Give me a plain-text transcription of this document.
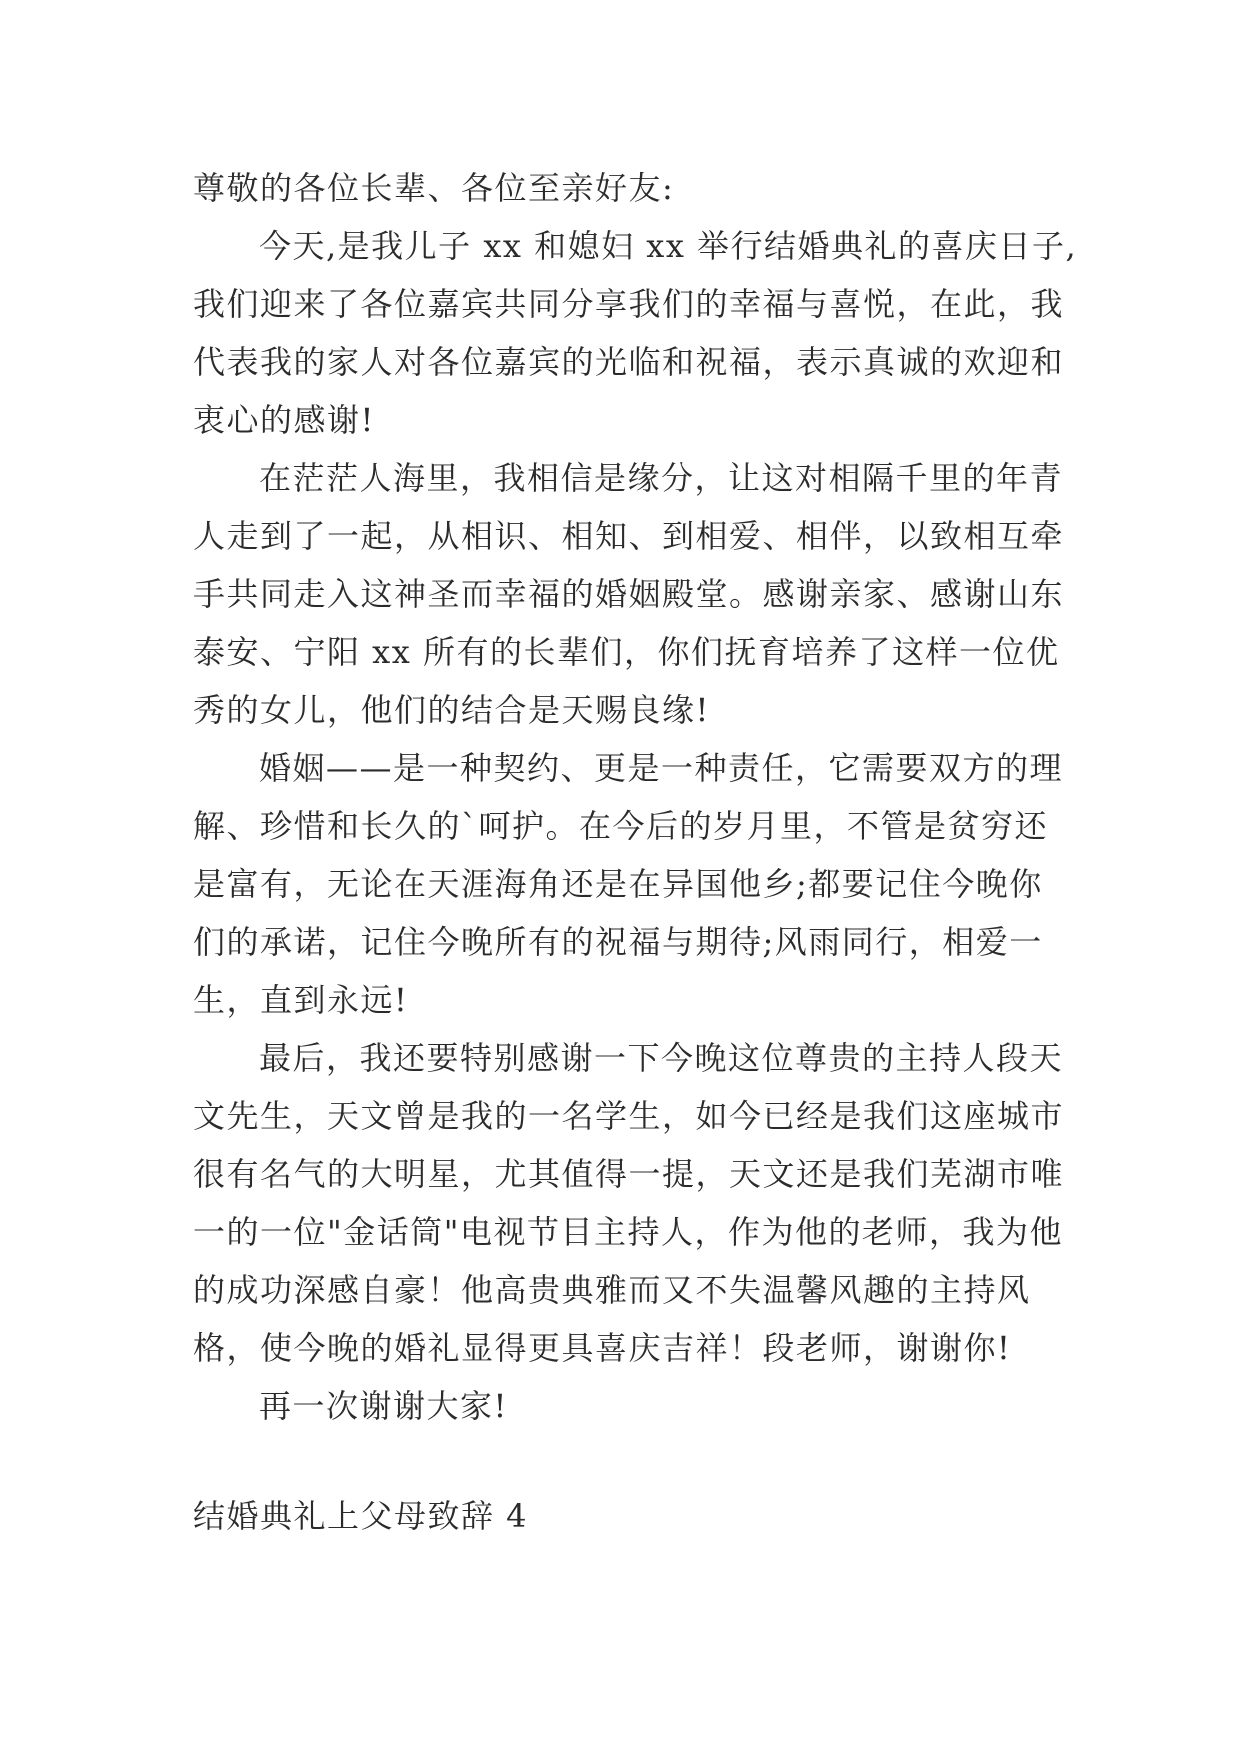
尊敬的各位长辈、各位至亲好友:
今天,是我儿子 xx 和媳妇 xx 举行结婚典礼的喜庆日子,
我们迎来了各位嘉宾共同分享我们的幸福与喜悦，在此，我
代表我的家人对各位嘉宾的光临和祝福，表示真诚的欢迎和
衷心的感谢!
在茫茫人海里，我相信是缘分，让这对相隔千里的年青
人走到了一起，从相识、相知、到相爱、相伴，以致相互牵
手共同走入这神圣而幸福的婚姻殿堂。感谢亲家、感谢山东
泰安、宁阳 xx 所有的长辈们，你们抚育培养了这样一位优
秀的女儿，他们的结合是天赐良缘!
婚姻——是一种契约、更是一种责任，它需要双方的理
解、珍惜和长久的`呵护。在今后的岁月里，不管是贫穷还
是富有，无论在天涯海角还是在异国他乡;都要记住今晚你
们的承诺，记住今晚所有的祝福与期待;风雨同行，相爱一
生，直到永远!
最后，我还要特别感谢一下今晚这位尊贵的主持人段天
文先生，天文曾是我的一名学生，如今已经是我们这座城市
很有名气的大明星，尤其值得一提，天文还是我们芜湖市唯
一的一位"金话筒"电视节目主持人，作为他的老师，我为他
的成功深感自豪！他高贵典雅而又不失温馨风趣的主持风
格，使今晚的婚礼显得更具喜庆吉祥！段老师，谢谢你!
再一次谢谢大家!
结婚典礼上父母致辞 4
